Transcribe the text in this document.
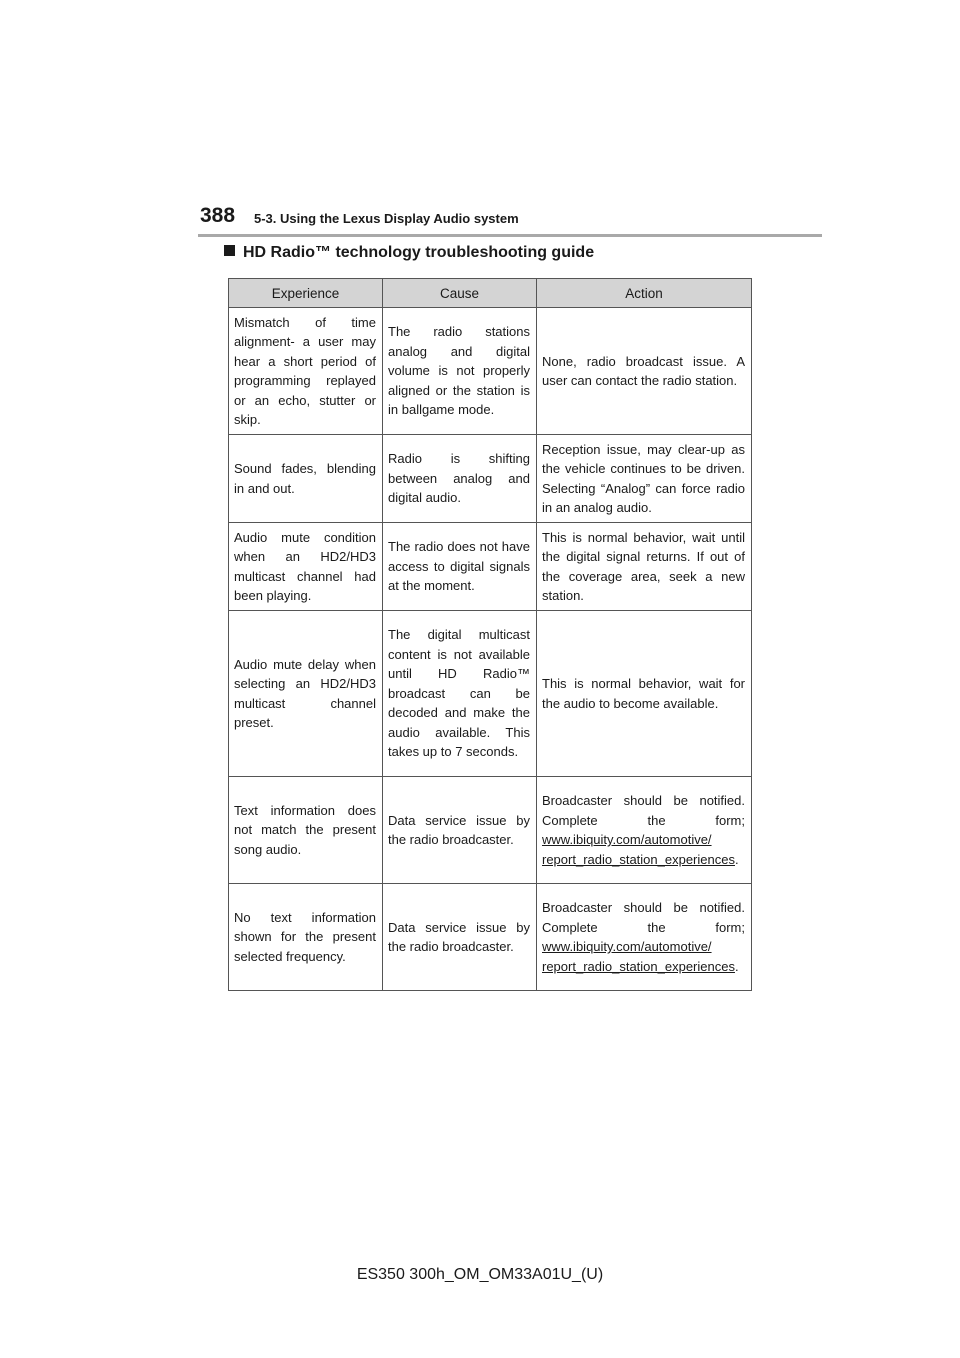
388 5-3. Using the Lexus Display Audio system
HD Radio™ technology troubleshooting guide
Experience	Cause	Action

Mismatch of time alignment- a user may hear a short period of programming replayed or an echo, stutter or skip.	The radio stations analog and digital volume is not properly aligned or the station is in ballgame mode.	None, radio broadcast issue. A user can contact the radio station.

Sound fades, blending in and out.	Radio is shifting between analog and digital audio.	Reception issue, may clear-up as the vehicle continues to be driven. Selecting “Analog” can force radio in an analog audio.

Audio mute condition when an HD2/HD3 multicast channel had been playing.	The radio does not have access to digital signals at the moment.	This is normal behavior, wait until the digital signal returns. If out of the coverage area, seek a new station.

Audio mute delay when selecting an HD2/HD3 multicast channel preset.	The digital multicast content is not available until HD Radio™ broadcast can be decoded and make the audio available. This takes up to 7 seconds.	This is normal behavior, wait for the audio to become available.

Text information does not match the present song audio.	Data service issue by the radio broadcaster.	Broadcaster should be notified. Complete the form; www.ibiquity.com/automotive/
report_radio_station_experiences.

No text information shown for the present selected frequency.	Data service issue by the radio broadcaster.	Broadcaster should be notified. Complete the form; www.ibiquity.com/automotive/
report_radio_station_experiences.
ES350 300h_OM_OM33A01U_(U)
